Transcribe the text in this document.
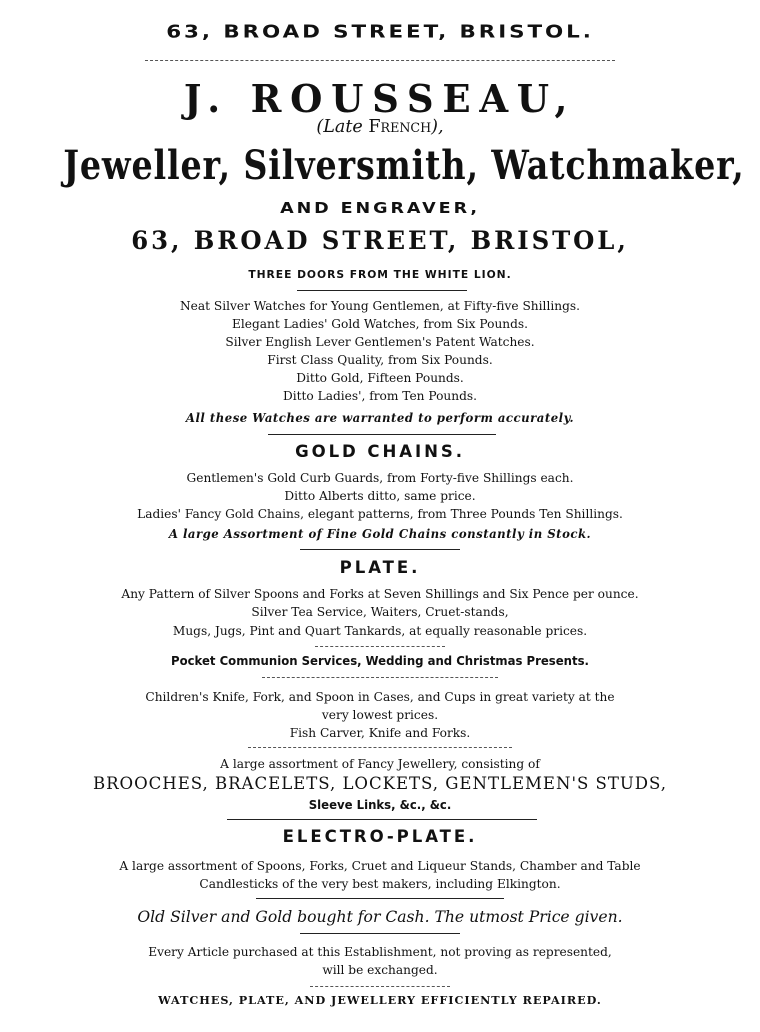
63, BROAD STREET, BRISTOL.
J. ROUSSEAU,
(Late French),
Jeweller, Silversmith, Watchmaker,
AND ENGRAVER,
63, BROAD STREET, BRISTOL,
THREE DOORS FROM THE WHITE LION.
Neat Silver Watches for Young Gentlemen, at Fifty-five Shillings.
Elegant Ladies' Gold Watches, from Six Pounds.
Silver English Lever Gentlemen's Patent Watches.
First Class Quality, from Six Pounds.
Ditto Gold, Fifteen Pounds.
Ditto Ladies', from Ten Pounds.
All these Watches are warranted to perform accurately.
GOLD CHAINS.
Gentlemen's Gold Curb Guards, from Forty-five Shillings each.
Ditto Alberts ditto, same price.
Ladies' Fancy Gold Chains, elegant patterns, from Three Pounds Ten Shillings.
A large Assortment of Fine Gold Chains constantly in Stock.
PLATE.
Any Pattern of Silver Spoons and Forks at Seven Shillings and Six Pence per ounce.
Silver Tea Service, Waiters, Cruet-stands,
Mugs, Jugs, Pint and Quart Tankards, at equally reasonable prices.
Pocket Communion Services, Wedding and Christmas Presents.
Children's Knife, Fork, and Spoon in Cases, and Cups in great variety at the
very lowest prices.
Fish Carver, Knife and Forks.
A large assortment of Fancy Jewellery, consisting of
BROOCHES, BRACELETS, LOCKETS, GENTLEMEN'S STUDS,
Sleeve Links, &c., &c.
ELECTRO-PLATE.
A large assortment of Spoons, Forks, Cruet and Liqueur Stands, Chamber and Table
Candlesticks of the very best makers, including Elkington.
Old Silver and Gold bought for Cash. The utmost Price given.
Every Article purchased at this Establishment, not proving as represented,
will be exchanged.
WATCHES, PLATE, AND JEWELLERY EFFICIENTLY REPAIRED.
